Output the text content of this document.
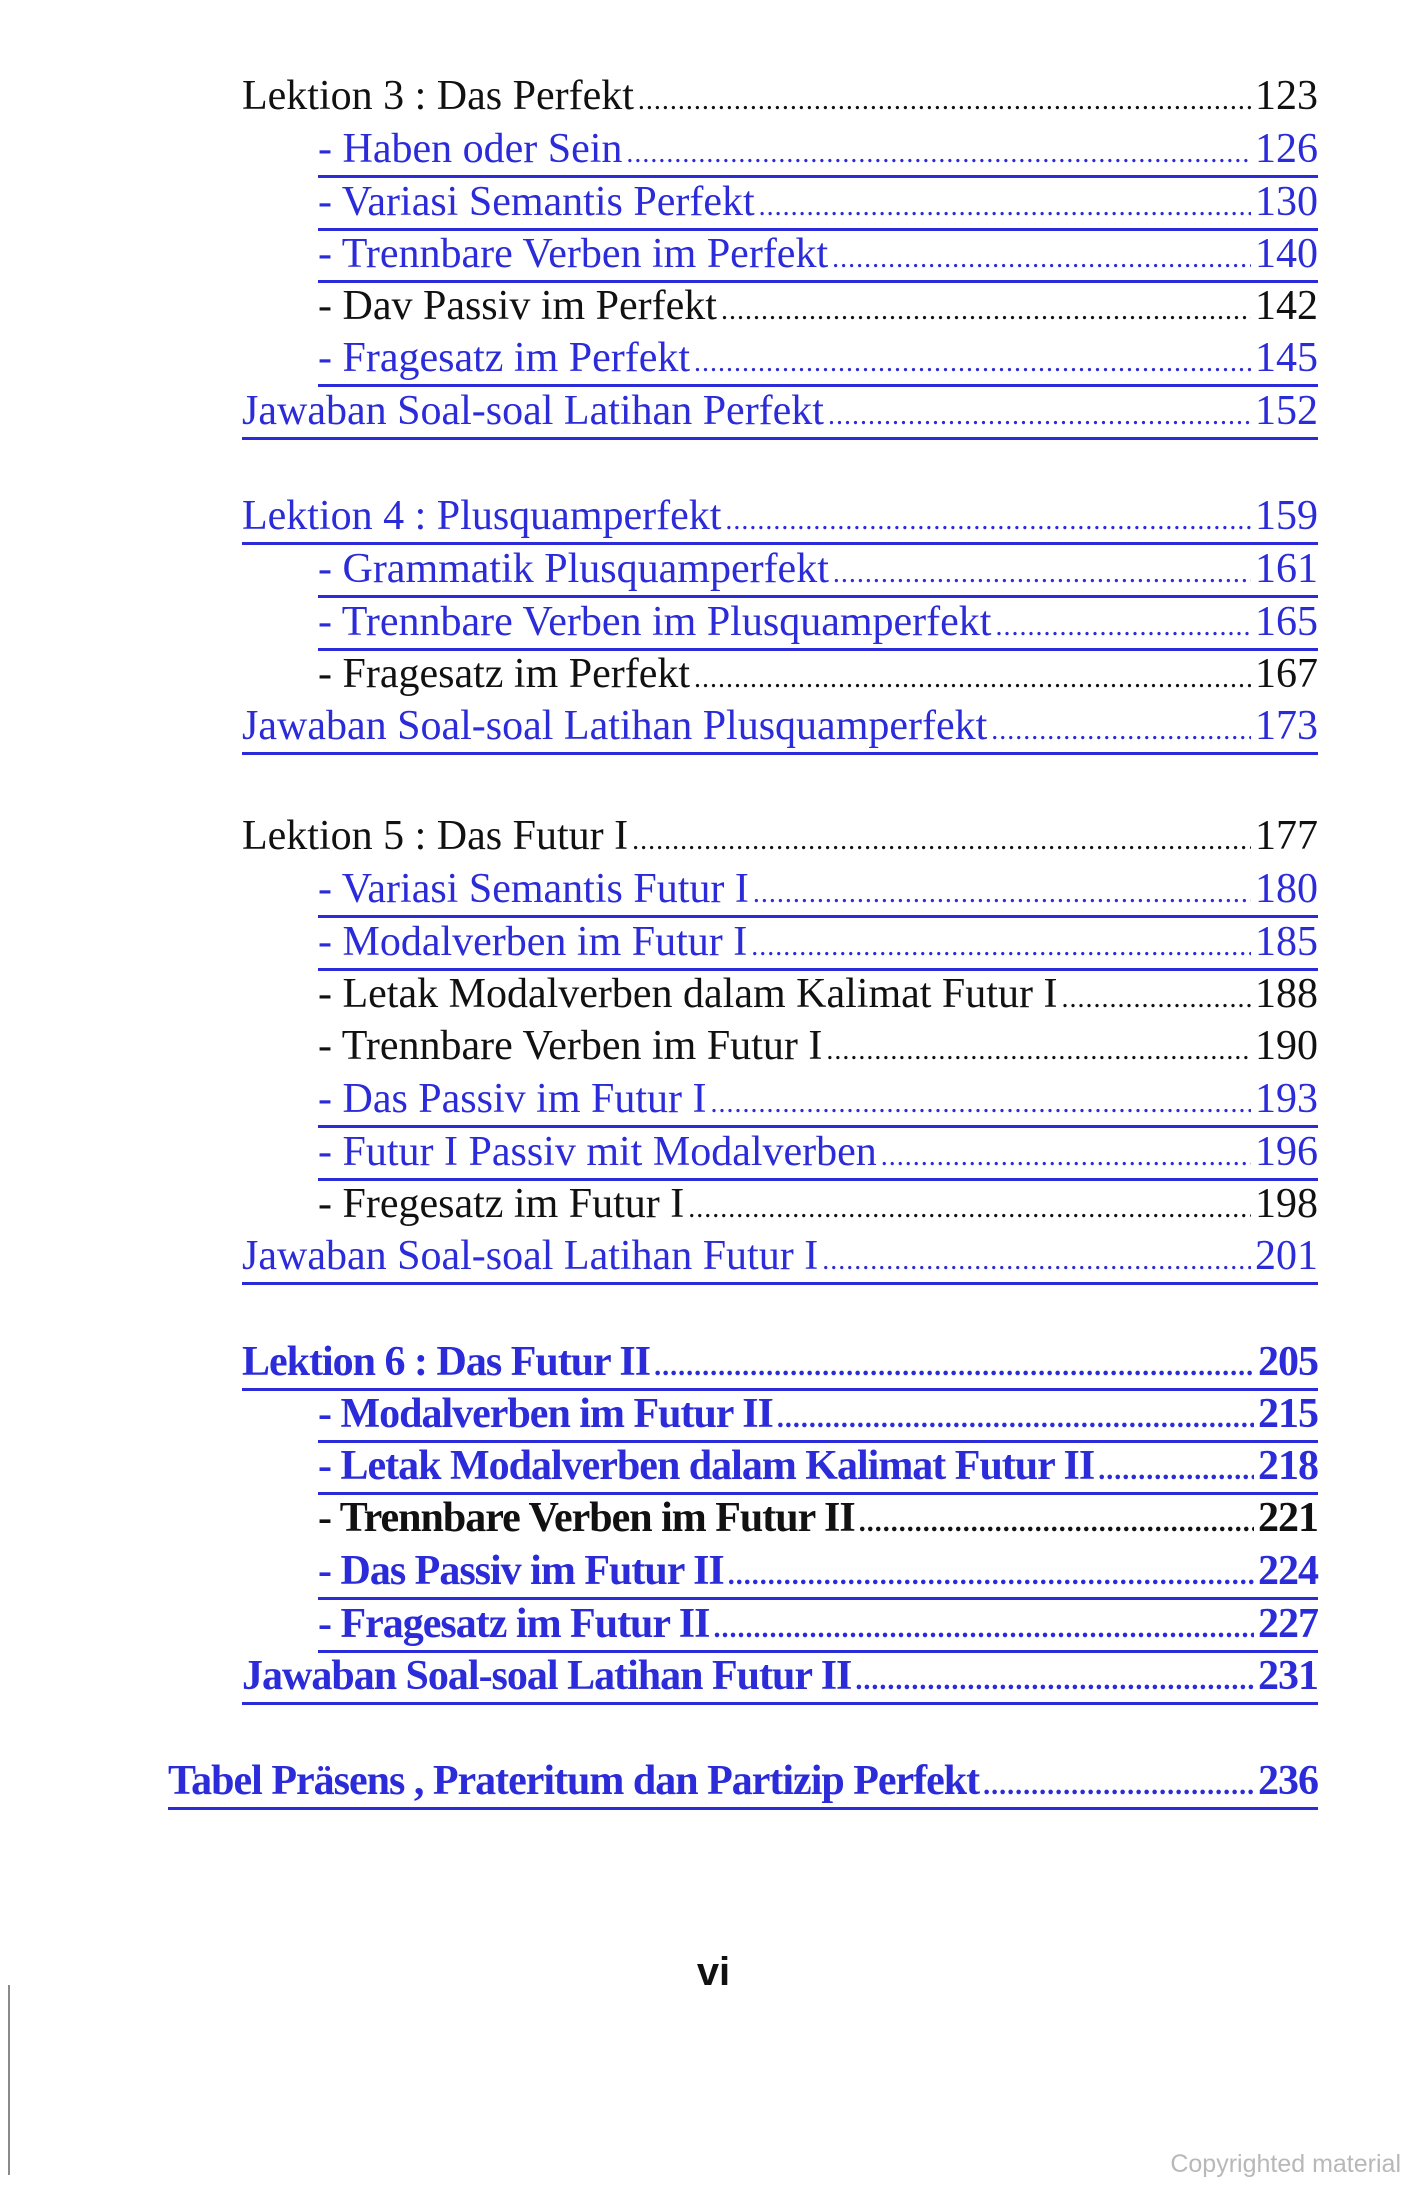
Lektion 3 : Das Perfekt .....	123
- Haben oder Sein .....	126
- Variasi Semantis Perfekt .....	130
- Trennbare Verben im Perfekt .....	140
- Dav Passiv im Perfekt .....	142
- Fragesatz im Perfekt .....	145
Jawaban Soal-soal Latihan Perfekt .....	152
Lektion 4 : Plusquamperfekt .....	159
- Grammatik Plusquamperfekt .....	161
- Trennbare Verben im Plusquamperfekt .....	165
- Fragesatz im Perfekt .....	167
Jawaban Soal-soal Latihan Plusquamperfekt .....	173
Lektion 5 : Das Futur I .....	177
- Variasi Semantis Futur I .....	180
- Modalverben im Futur I .....	185
- Letak Modalverben dalam Kalimat Futur I .....	188
- Trennbare Verben im Futur I .....	190
- Das Passiv im Futur I .....	193
- Futur I Passiv mit Modalverben .....	196
- Fregesatz im Futur I .....	198
Jawaban Soal-soal Latihan Futur I .....	201
Lektion 6 : Das Futur II .....	205
- Modalverben im Futur II .....	215
- Letak Modalverben dalam Kalimat Futur II .....	218
- Trennbare Verben im Futur II .....	221
- Das Passiv im Futur II .....	224
- Fragesatz im Futur II .....	227
Jawaban Soal-soal Latihan Futur II .....	231
Tabel Präsens , Prateritum dan Partizip Perfekt .....	236
vi
Copyrighted material
